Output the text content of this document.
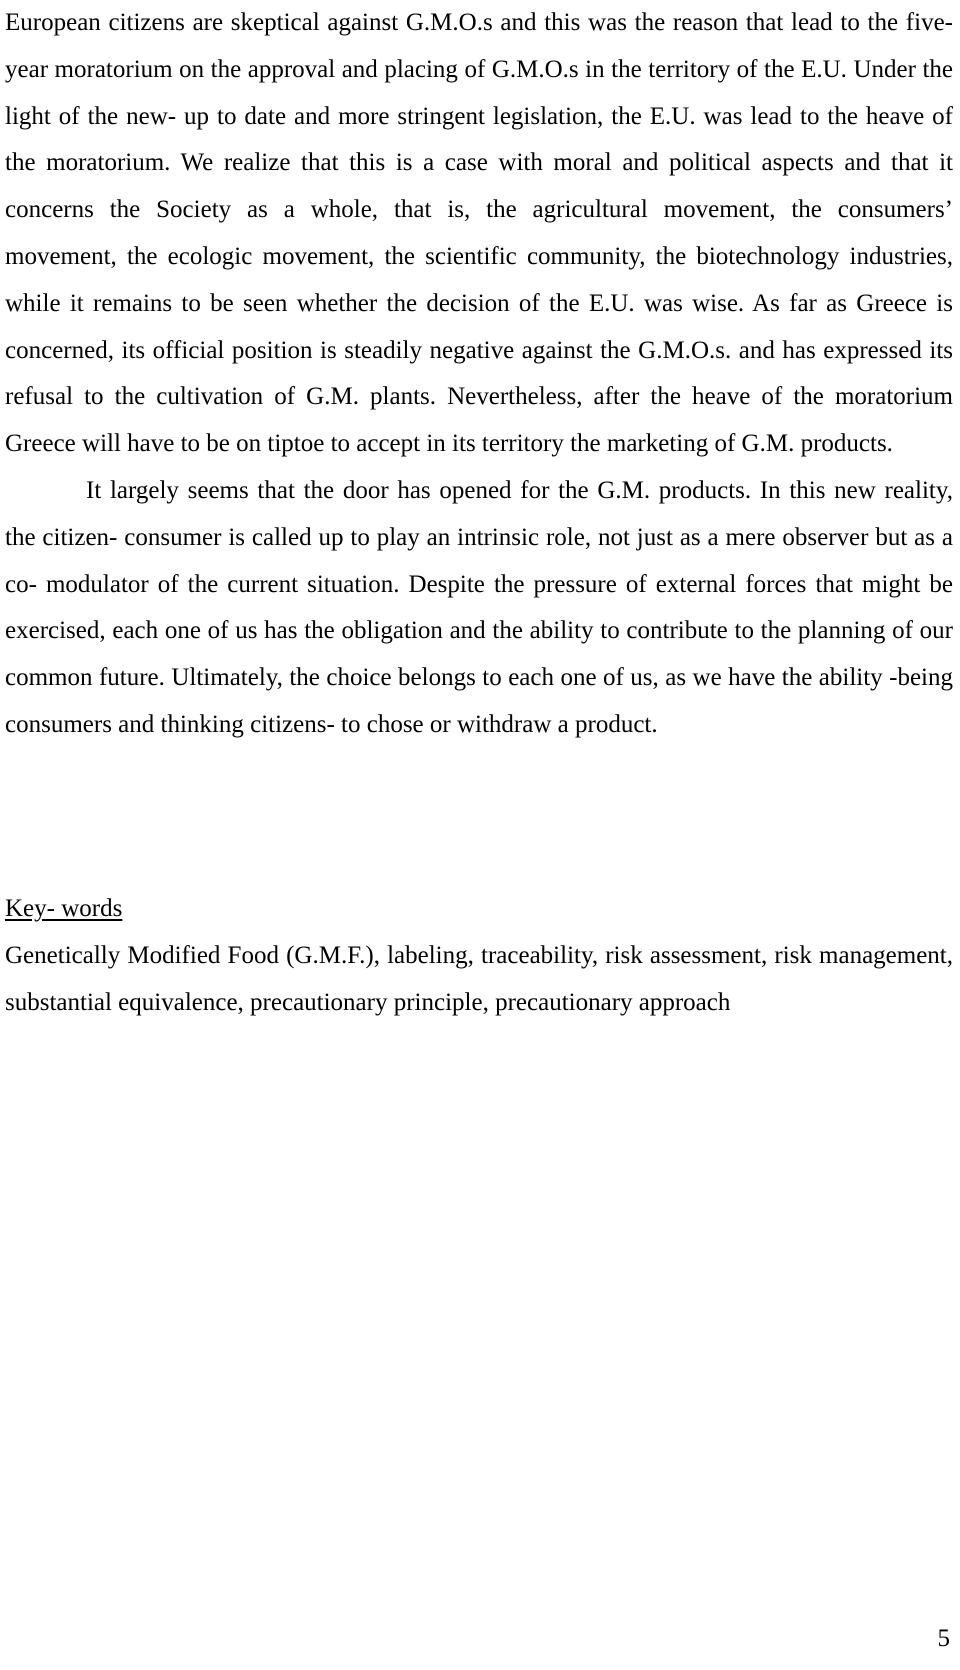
European citizens are skeptical against G.M.O.s and this was the reason that lead to the five-year moratorium on the approval and placing of G.M.O.s in the territory of the E.U. Under the light of the new- up to date and more stringent legislation, the E.U. was lead to the heave of the moratorium. We realize that this is a case with moral and political aspects and that it concerns the Society as a whole, that is, the agricultural movement, the consumers’ movement, the ecologic movement, the scientific community, the biotechnology industries, while it remains to be seen whether the decision of the E.U. was wise. As far as Greece is concerned, its official position is steadily negative against the G.M.O.s. and has expressed its refusal to the cultivation of G.M. plants. Nevertheless, after the heave of the moratorium Greece will have to be on tiptoe to accept in its territory the marketing of G.M. products.

It largely seems that the door has opened for the G.M. products. In this new reality, the citizen- consumer is called up to play an intrinsic role, not just as a mere observer but as a co- modulator of the current situation. Despite the pressure of external forces that might be exercised, each one of us has the obligation and the ability to contribute to the planning of our common future. Ultimately, the choice belongs to each one of us, as we have the ability -being consumers and thinking citizens- to chose or withdraw a product.

Key- words

Genetically Modified Food (G.M.F.), labeling, traceability, risk assessment, risk management, substantial equivalence, precautionary principle, precautionary approach

5
